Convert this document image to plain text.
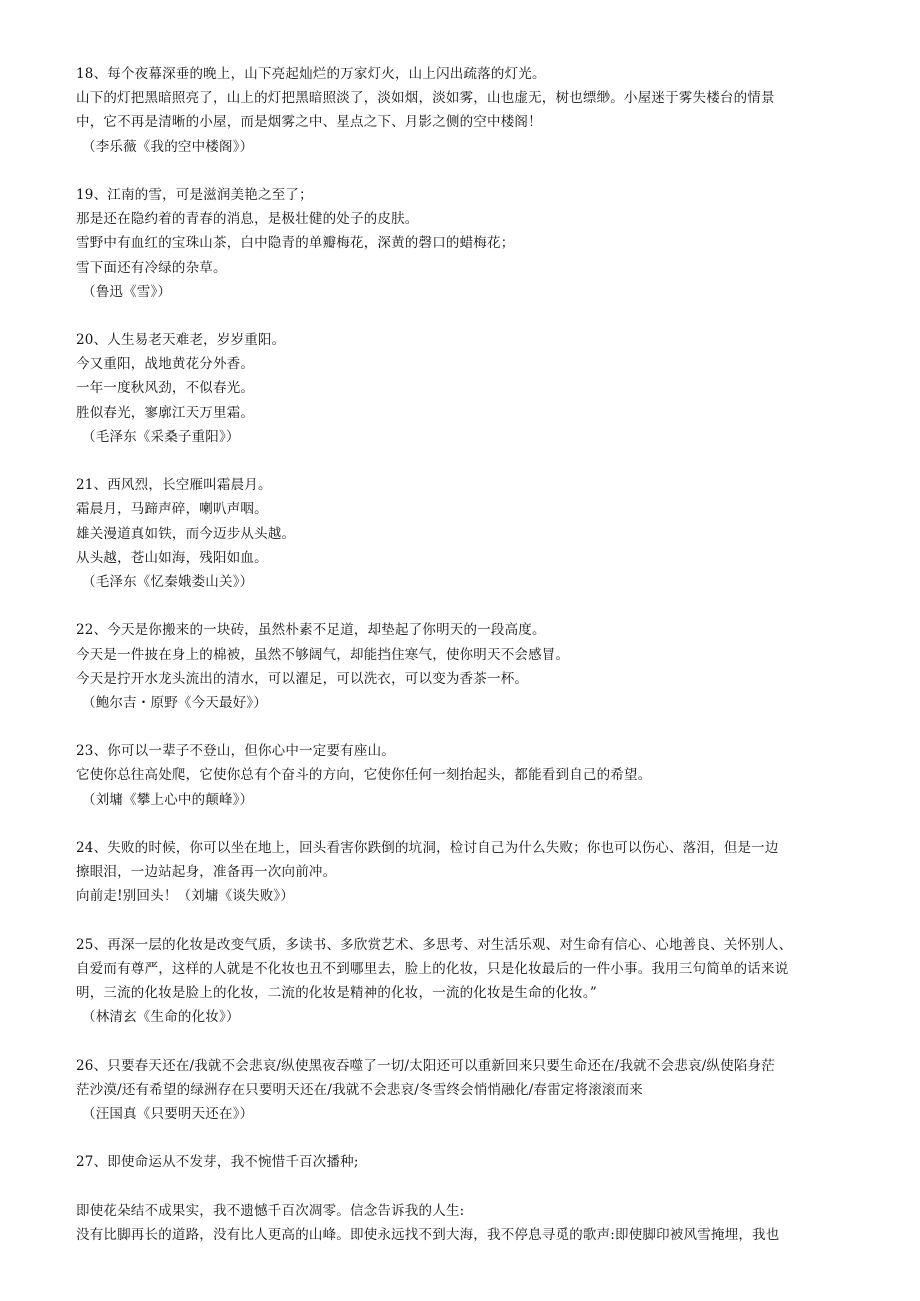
18、每个夜幕深垂的晚上，山下亮起灿烂的万家灯火，山上闪出疏落的灯光。
山下的灯把黑暗照亮了，山上的灯把黑暗照淡了，淡如烟，淡如雾，山也虚无，树也缥缈。小屋迷于雾失楼台的情景
中，它不再是清晰的小屋，而是烟雾之中、星点之下、月影之侧的空中楼阁！
（李乐薇《我的空中楼阁》）
19、江南的雪，可是滋润美艳之至了；
那是还在隐约着的青春的消息，是极壮健的处子的皮肤。
雪野中有血红的宝珠山茶，白中隐青的单瓣梅花，深黄的磬口的蜡梅花；
雪下面还有冷绿的杂草。
（鲁迅《雪》）
20、人生易老天难老，岁岁重阳。
今又重阳，战地黄花分外香。
一年一度秋风劲，不似春光。
胜似春光，寥廓江天万里霜。
（毛泽东《采桑子重阳》）
21、西风烈，长空雁叫霜晨月。
霜晨月，马蹄声碎，喇叭声咽。
雄关漫道真如铁，而今迈步从头越。
从头越，苍山如海，残阳如血。
（毛泽东《忆秦娥娄山关》）
22、今天是你搬来的一块砖，虽然朴素不足道，却垫起了你明天的一段高度。
今天是一件披在身上的棉被，虽然不够阔气，却能挡住寒气，使你明天不会感冒。
今天是拧开水龙头流出的清水，可以濯足，可以洗衣，可以变为香茶一杯。
（鲍尔吉・原野《今天最好》）
23、你可以一辈子不登山，但你心中一定要有座山。
它使你总往高处爬，它使你总有个奋斗的方向，它使你任何一刻抬起头，都能看到自己的希望。
（刘墉《攀上心中的颠峰》）
24、失败的时候，你可以坐在地上，回头看害你跌倒的坑洞，检讨自己为什么失败；你也可以伤心、落泪，但是一边
擦眼泪，一边站起身，准备再一次向前冲。
向前走!别回头！（刘墉《谈失败》）
25、再深一层的化妆是改变气质，多读书、多欣赏艺术、多思考、对生活乐观、对生命有信心、心地善良、关怀别人、
自爱而有尊严，这样的人就是不化妆也丑不到哪里去，脸上的化妆，只是化妆最后的一件小事。我用三句简单的话来说
明，三流的化妆是脸上的化妆，二流的化妆是精神的化妆，一流的化妆是生命的化妆。”
（林清玄《生命的化妆》）
26、只要春天还在/我就不会悲哀/纵使黑夜吞噬了一切/太阳还可以重新回来只要生命还在/我就不会悲哀/纵使陷身茫
茫沙漠/还有希望的绿洲存在只要明天还在/我就不会悲哀/冬雪终会悄悄融化/春雷定将滚滚而来
（汪国真《只要明天还在》）
27、即使命运从不发芽，我不惋惜千百次播种;
即使花朵结不成果实，我不遗憾千百次凋零。信念告诉我的人生:
没有比脚再长的道路，没有比人更高的山峰。即使永远找不到大海，我不停息寻觅的歌声:即使脚印被风雪掩埋，我也
